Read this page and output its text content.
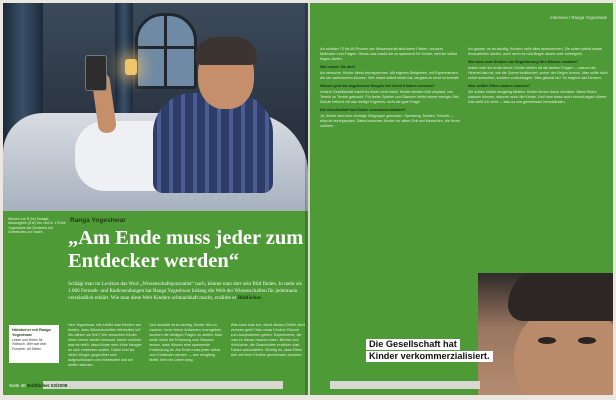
Wissen zur R (hr) Ilmaige haniangeek (ti st) Uhr und in 1 Ruhe Yogeshwar als Deutschs bel Gelecturies zur Nacht.
Ranga Yogeshwar
„Am Ende muss jeder zum Entdecker werden“

Schlägt man im Lexikon das Wort „Wissenschaftsjournalist“ nach, könnte man dort sein Bild finden. In mehr als 1.000 Fernseh- und Radiosendungen hat Ranga Yogeshwar bislang die Welt der Wissenschaften für jedermann verständlich erklärt. Wie man diese Welt Kindern schmackhaft macht, erzählte er Bildfächer.

Hörbücher mit Ranga Yogeshwar
Lesen und Hören Nr. Hörbuch. Wer war kein Forscher. All Zeiten
Herr Yogeshwar, wie erklärt man Kindern am besten, dass Wissenschaften Wertvolles ist? Wo zählen sie früh? Wir versuchen Kinder leben immer wieder bewusst, immer schöner was es heißt, dass Kinder sehr frühe Neugier an sich entdecken wollen. Dabei sind sie vielen Dingen gegenüber sehr aufgeschlossen und interessiert und sie wollen staunen.
Und deshalb ist es wichtig, Kinder Mut zu machen, ihnen keine Antworten vorzugeben, sondern die richtigen Fragen zu stellen. Man sollte ihnen die Erfahrung zum Staunen lassen, dass Wissen eine spannende Entdeckung ist. Am Ende muss jeder selbst zum Entdecker werden — wer neugierig bleibt, lernt ein Leben lang.
Was kann man tun, damit dieses Gefühl nicht verloren geht? Man muss Kindern Räume zum Ausprobieren geben. Experimente, die man zu Hause machen kann, Bücher und Hörbücher, die Geschichten erzählen statt Fakten aufzuzählen. Wichtig ist, dass Eltern sich mit ihren Kindern gemeinsam wundern.
Seite 40 Bildfächer 03/2008
Interview / Ranga Yogeshwar
Ich schätze 70 bis 80 Prozent der Wissenschaft sind keine Fakten, sondern Methoden und Fragen. Genau das macht sie so spannend für Kinder, weil sie selbst fragen dürfen.
Wie nutzen Sie das?
Ich versuche, Kinder direkt anzusprechen. Mit eigenen Beispielen, mit Experimenten, die sie nachmachen können. Wer etwas selbst erlebt hat, vergisst es nicht so schnell.
Warum geht die angeborene Neugier bei vielen Kindern verloren?
Unsere Gesellschaft macht es ihnen nicht leicht. Kinder werden früh verplant, von Termin zu Termin gebracht. Für freies Spielen und Staunen bleibt immer weniger Zeit. Schule belohnt oft das richtige Ergebnis, nicht die gute Frage.
Die Gesellschaft hat Kinder verkommerzialisiert?
Ja, Kinder sind eine wichtige Zielgruppe geworden. Spielzeug, Medien, Freizeit — alles ist durchgeplant. Dabei brauchen Kinder vor allem Zeit und Menschen, die ihnen zuhören.
Ich glaube, es ist wichtig, Kindern nicht alles abzunehmen. Sie sollen selbst etwas herausfinden dürfen, auch wenn es mal länger dauert oder schiefgeht.
Wie kann man Kindern die Begeisterung fürs Wissen erhalten?
Indem man sie ernst nimmt. Kinder stellen oft die besten Fragen — warum der Himmel blau ist, wie die Sonne funktioniert, woher der Regen kommt. Man sollte nicht sofort antworten, sondern zurückfragen: Was glaubst du? So beginnt das Denken.
Was sollten Eltern anders machen?
Sie sollten selbst neugierig bleiben. Kinder lernen durch Vorbilder. Wenn Eltern staunen können, staunen auch die Kinder. Und man muss auch einmal sagen dürfen: Das weiß ich nicht — lass es uns gemeinsam herausfinden.
Die Gesellschaft hat
Kinder verkommerzialisiert.
